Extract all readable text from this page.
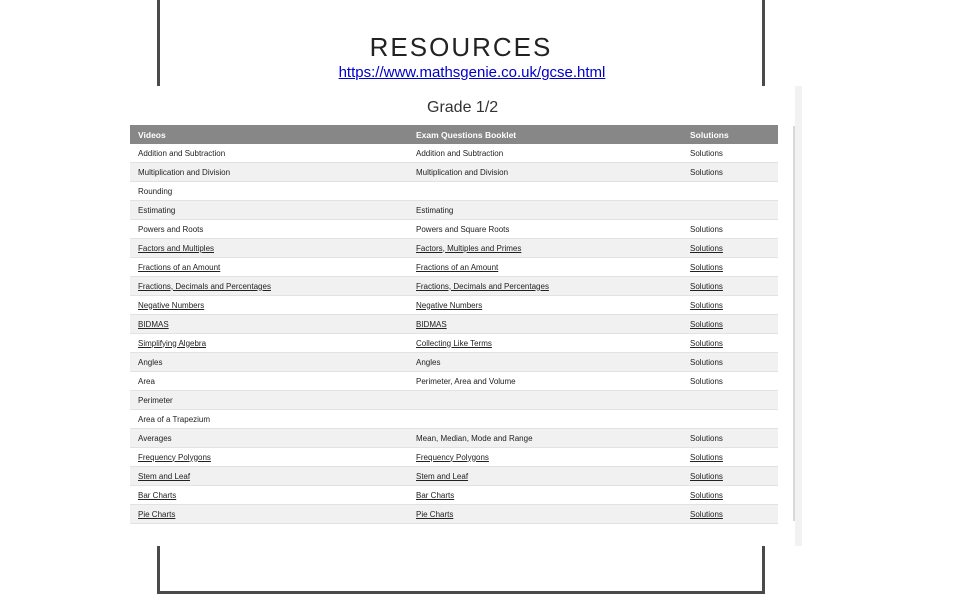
RESOURCES
https://www.mathsgenie.co.uk/gcse.html
Grade 1/2
Videos	Exam Questions Booklet	Solutions
Addition and Subtraction	Addition and Subtraction	Solutions
Multiplication and Division	Multiplication and Division	Solutions
Rounding
Estimating	Estimating
Powers and Roots	Powers and Square Roots	Solutions
Factors and Multiples	Factors, Multiples and Primes	Solutions
Fractions of an Amount	Fractions of an Amount	Solutions
Fractions, Decimals and Percentages	Fractions, Decimals and Percentages	Solutions
Negative Numbers	Negative Numbers	Solutions
BIDMAS	BIDMAS	Solutions
Simplifying Algebra	Collecting Like Terms	Solutions
Angles	Angles	Solutions
Area	Perimeter, Area and Volume	Solutions
Perimeter
Area of a Trapezium
Averages	Mean, Median, Mode and Range	Solutions
Frequency Polygons	Frequency Polygons	Solutions
Stem and Leaf	Stem and Leaf	Solutions
Bar Charts	Bar Charts	Solutions
Pie Charts	Pie Charts	Solutions
